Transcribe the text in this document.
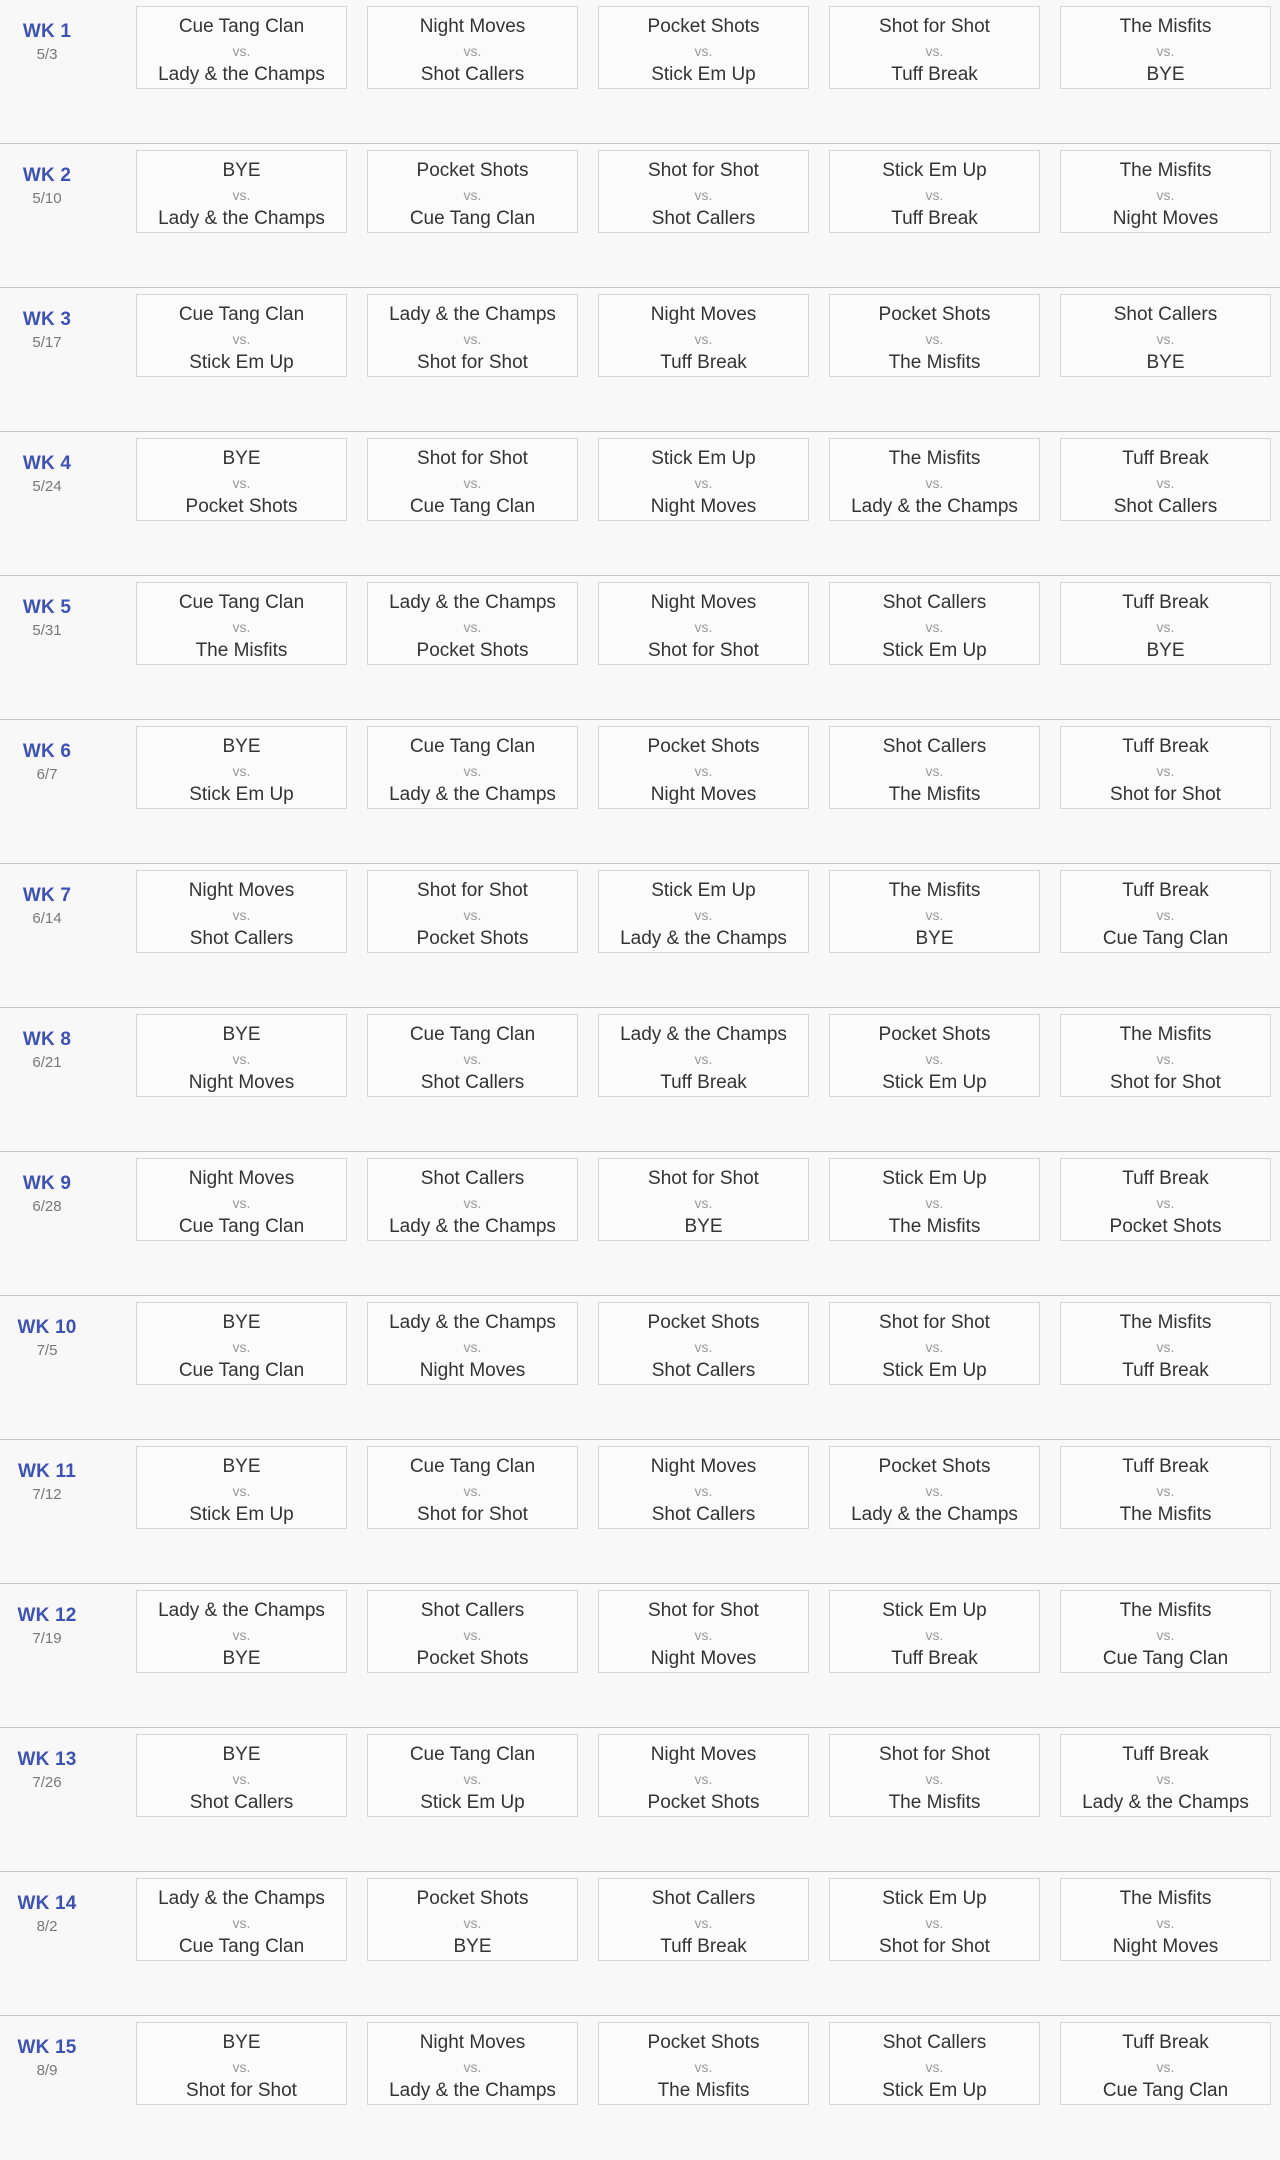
WK 1
5/3
Cue Tang Clan
vs.
Lady & the Champs
Night Moves
vs.
Shot Callers
Pocket Shots
vs.
Stick Em Up
Shot for Shot
vs.
Tuff Break
The Misfits
vs.
BYE
WK 2
5/10
BYE
vs.
Lady & the Champs
Pocket Shots
vs.
Cue Tang Clan
Shot for Shot
vs.
Shot Callers
Stick Em Up
vs.
Tuff Break
The Misfits
vs.
Night Moves
WK 3
5/17
Cue Tang Clan
vs.
Stick Em Up
Lady & the Champs
vs.
Shot for Shot
Night Moves
vs.
Tuff Break
Pocket Shots
vs.
The Misfits
Shot Callers
vs.
BYE
WK 4
5/24
BYE
vs.
Pocket Shots
Shot for Shot
vs.
Cue Tang Clan
Stick Em Up
vs.
Night Moves
The Misfits
vs.
Lady & the Champs
Tuff Break
vs.
Shot Callers
WK 5
5/31
Cue Tang Clan
vs.
The Misfits
Lady & the Champs
vs.
Pocket Shots
Night Moves
vs.
Shot for Shot
Shot Callers
vs.
Stick Em Up
Tuff Break
vs.
BYE
WK 6
6/7
BYE
vs.
Stick Em Up
Cue Tang Clan
vs.
Lady & the Champs
Pocket Shots
vs.
Night Moves
Shot Callers
vs.
The Misfits
Tuff Break
vs.
Shot for Shot
WK 7
6/14
Night Moves
vs.
Shot Callers
Shot for Shot
vs.
Pocket Shots
Stick Em Up
vs.
Lady & the Champs
The Misfits
vs.
BYE
Tuff Break
vs.
Cue Tang Clan
WK 8
6/21
BYE
vs.
Night Moves
Cue Tang Clan
vs.
Shot Callers
Lady & the Champs
vs.
Tuff Break
Pocket Shots
vs.
Stick Em Up
The Misfits
vs.
Shot for Shot
WK 9
6/28
Night Moves
vs.
Cue Tang Clan
Shot Callers
vs.
Lady & the Champs
Shot for Shot
vs.
BYE
Stick Em Up
vs.
The Misfits
Tuff Break
vs.
Pocket Shots
WK 10
7/5
BYE
vs.
Cue Tang Clan
Lady & the Champs
vs.
Night Moves
Pocket Shots
vs.
Shot Callers
Shot for Shot
vs.
Stick Em Up
The Misfits
vs.
Tuff Break
WK 11
7/12
BYE
vs.
Stick Em Up
Cue Tang Clan
vs.
Shot for Shot
Night Moves
vs.
Shot Callers
Pocket Shots
vs.
Lady & the Champs
Tuff Break
vs.
The Misfits
WK 12
7/19
Lady & the Champs
vs.
BYE
Shot Callers
vs.
Pocket Shots
Shot for Shot
vs.
Night Moves
Stick Em Up
vs.
Tuff Break
The Misfits
vs.
Cue Tang Clan
WK 13
7/26
BYE
vs.
Shot Callers
Cue Tang Clan
vs.
Stick Em Up
Night Moves
vs.
Pocket Shots
Shot for Shot
vs.
The Misfits
Tuff Break
vs.
Lady & the Champs
WK 14
8/2
Lady & the Champs
vs.
Cue Tang Clan
Pocket Shots
vs.
BYE
Shot Callers
vs.
Tuff Break
Stick Em Up
vs.
Shot for Shot
The Misfits
vs.
Night Moves
WK 15
8/9
BYE
vs.
Shot for Shot
Night Moves
vs.
Lady & the Champs
Pocket Shots
vs.
The Misfits
Shot Callers
vs.
Stick Em Up
Tuff Break
vs.
Cue Tang Clan
